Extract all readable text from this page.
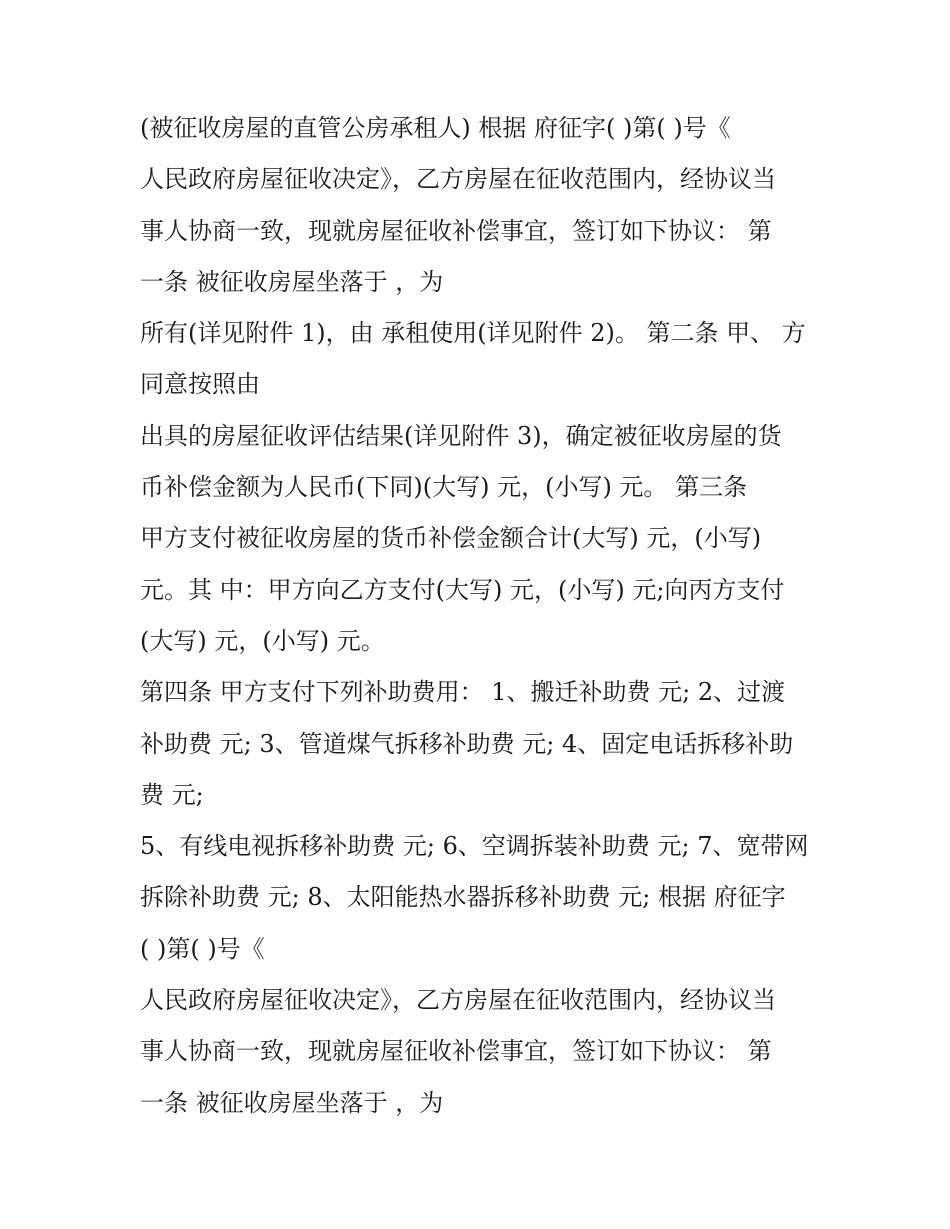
(被征收房屋的直管公房承租人) 根据 府征字( )第( )号《
人民政府房屋征收决定》，乙方房屋在征收范围内，经协议当
事人协商一致，现就房屋征收补偿事宜，签订如下协议： 第
一条 被征收房屋坐落于 ，为
所有(详见附件 1)，由 承租使用(详见附件 2)。 第二条 甲、 方
同意按照由
出具的房屋征收评估结果(详见附件 3)，确定被征收房屋的货
币补偿金额为人民币(下同)(大写) 元，(小写) 元。 第三条
甲方支付被征收房屋的货币补偿金额合计(大写) 元，(小写)
元。其 中：甲方向乙方支付(大写) 元，(小写) 元;向丙方支付
(大写) 元，(小写) 元。
第四条 甲方支付下列补助费用： 1、搬迁补助费 元; 2、过渡
补助费 元; 3、管道煤气拆移补助费 元; 4、固定电话拆移补助
费 元;
5、有线电视拆移补助费 元; 6、空调拆装补助费 元; 7、宽带网
拆除补助费 元; 8、太阳能热水器拆移补助费 元; 根据 府征字
( )第( )号《
人民政府房屋征收决定》，乙方房屋在征收范围内，经协议当
事人协商一致，现就房屋征收补偿事宜，签订如下协议： 第
一条 被征收房屋坐落于 ，为
